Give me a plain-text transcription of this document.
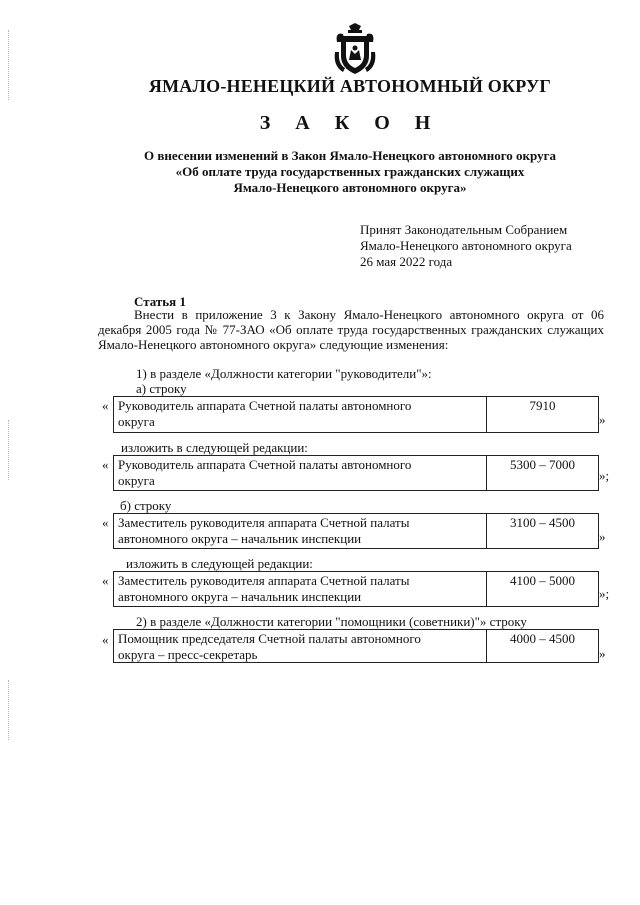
ЯМАЛО-НЕНЕЦКИЙ АВТОНОМНЫЙ ОКРУГ
З А К О Н
О внесении изменений в Закон Ямало-Ненецкого автономного округа
«Об оплате труда государственных гражданских служащих
Ямало-Ненецкого автономного округа»
Принят Законодательным Собранием
Ямало-Ненецкого автономного округа
26 мая 2022 года
Статья 1
Внести в приложение 3 к Закону Ямало-Ненецкого автономного округа от 06 декабря 2005 года № 77-ЗАО «Об оплате труда государственных гражданских служащих Ямало-Ненецкого автономного округа» следующие изменения:
1) в разделе «Должности категории "руководители"»:
а) строку
« Руководитель аппарата Счетной палаты автономного
округа
7910
»
изложить в следующей редакции:
« Руководитель аппарата Счетной палаты автономного
округа
5300 – 7000
»;
б) строку
« Заместитель руководителя аппарата Счетной палаты
автономного округа – начальник инспекции
3100 – 4500
»
изложить в следующей редакции:
« Заместитель руководителя аппарата Счетной палаты
автономного округа – начальник инспекции
4100 – 5000
»;
2) в разделе «Должности категории "помощники (советники)"» строку
« Помощник председателя Счетной палаты автономного
округа – пресс-секретарь
4000 – 4500
»
